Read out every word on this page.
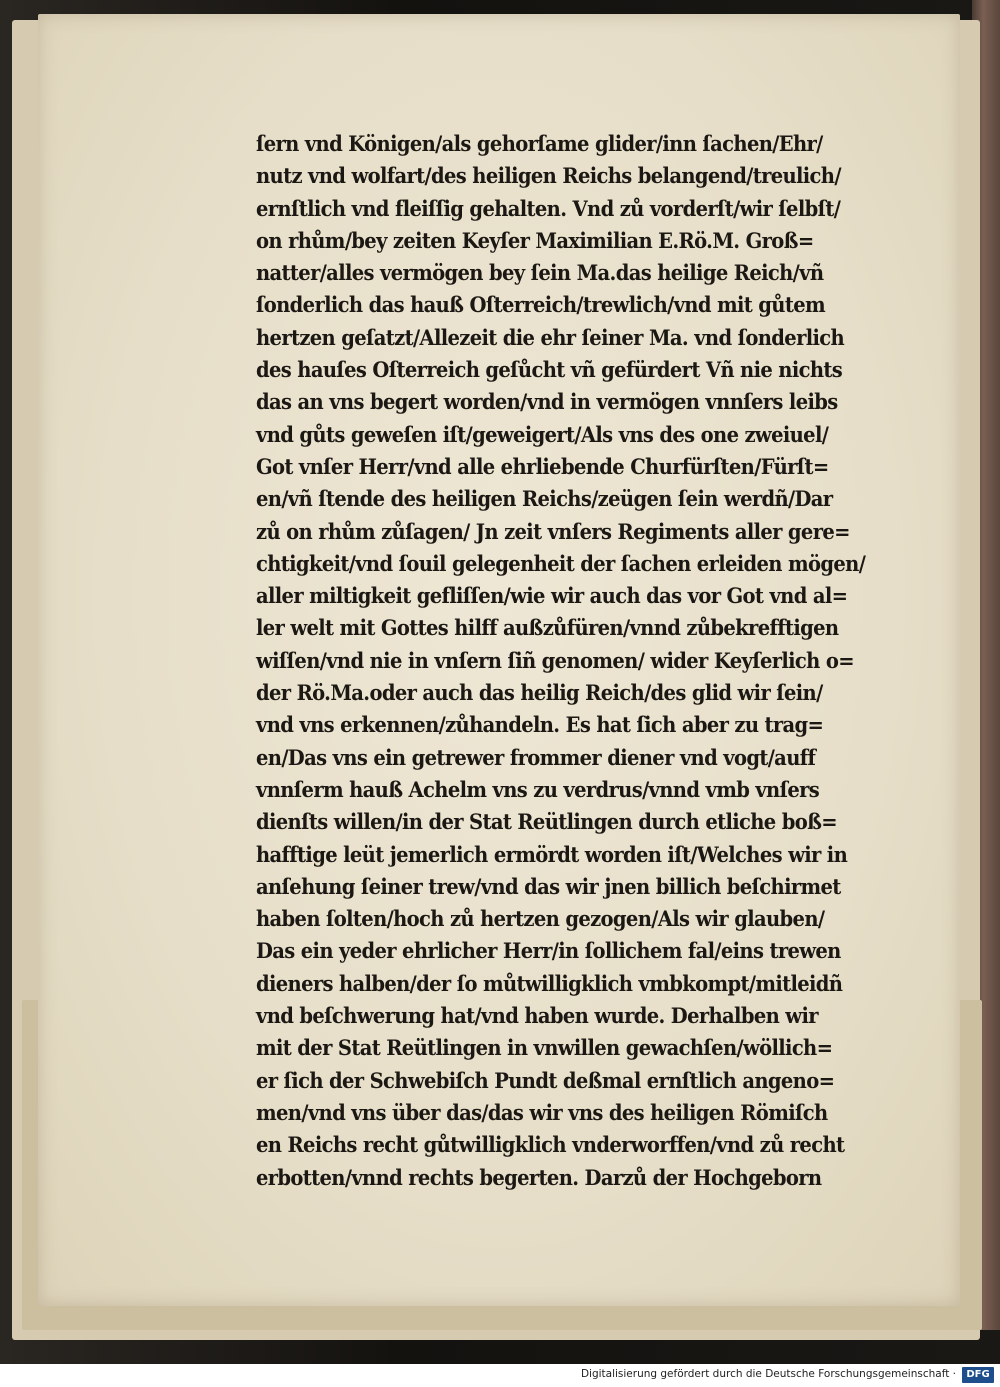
ſern vnd Königen/als gehorſame glider/inn ſachen/Ehr/
nutz vnd wolfart/des heiligen Reichs belangend/treulich/
ernſtlich vnd fleiſſig gehalten. Vnd zů vorderſt/wir ſelbſt/
on rhům/bey zeiten Keyſer Maximilian E.Rö.M. Groß=
natter/alles vermögen bey ſein Ma.das heilige Reich/vñ
ſonderlich das hauß Oſterreich/trewlich/vnd mit gůtem
hertzen geſatzt/Allezeit die ehr ſeiner Ma. vnd ſonderlich
des hauſes Oſterreich geſůcht vñ gefürdert Vñ nie nichts
das an vns begert worden/vnd in vermögen vnnſers leibs
vnd gůts geweſen iſt/geweigert/Als vns des one zweiuel/
Got vnſer Herr/vnd alle ehrliebende Churfürſten/Fürſt=
en/vñ ſtende des heiligen Reichs/zeügen ſein werdñ/Dar
zů on rhům zůſagen/ Jn zeit vnſers Regiments aller gere=
chtigkeit/vnd ſouil gelegenheit der ſachen erleiden mögen/
aller miltigkeit gefliſſen/wie wir auch das vor Got vnd al=
ler welt mit Gottes hilff außzůfüren/vnnd zůbekrefftigen
wiſſen/vnd nie in vnſern ſiñ genomen/ wider Keyſerlich o=
der Rö.Ma.oder auch das heilig Reich/des glid wir ſein/
vnd vns erkennen/zůhandeln. Es hat ſich aber zu trag=
en/Das vns ein getrewer frommer diener vnd vogt/auff
vnnſerm hauß Achelm vns zu verdrus/vnnd vmb vnſers
dienſts willen/in der Stat Reütlingen durch etliche boß=
hafftige leüt jemerlich ermördt worden iſt/Welches wir in
anſehung ſeiner trew/vnd das wir jnen billich beſchirmet
haben ſolten/hoch zů hertzen gezogen/Als wir glauben/
Das ein yeder ehrlicher Herr/in ſollichem fal/eins trewen
dieners halben/der ſo můtwilligklich vmbkompt/mitleidñ
vnd beſchwerung hat/vnd haben wurde. Derhalben wir
mit der Stat Reütlingen in vnwillen gewachſen/wöllich=
er ſich der Schwebiſch Pundt deßmal ernſtlich angeno=
men/vnd vns über das/das wir vns des heiligen Römiſch
en Reichs recht gůtwilligklich vnderworffen/vnd zů recht
erbotten/vnnd rechts begerten. Darzů der Hochgeborn
Digitalisierung gefördert durch die Deutsche Forschungsgemeinschaft ·	DFG
